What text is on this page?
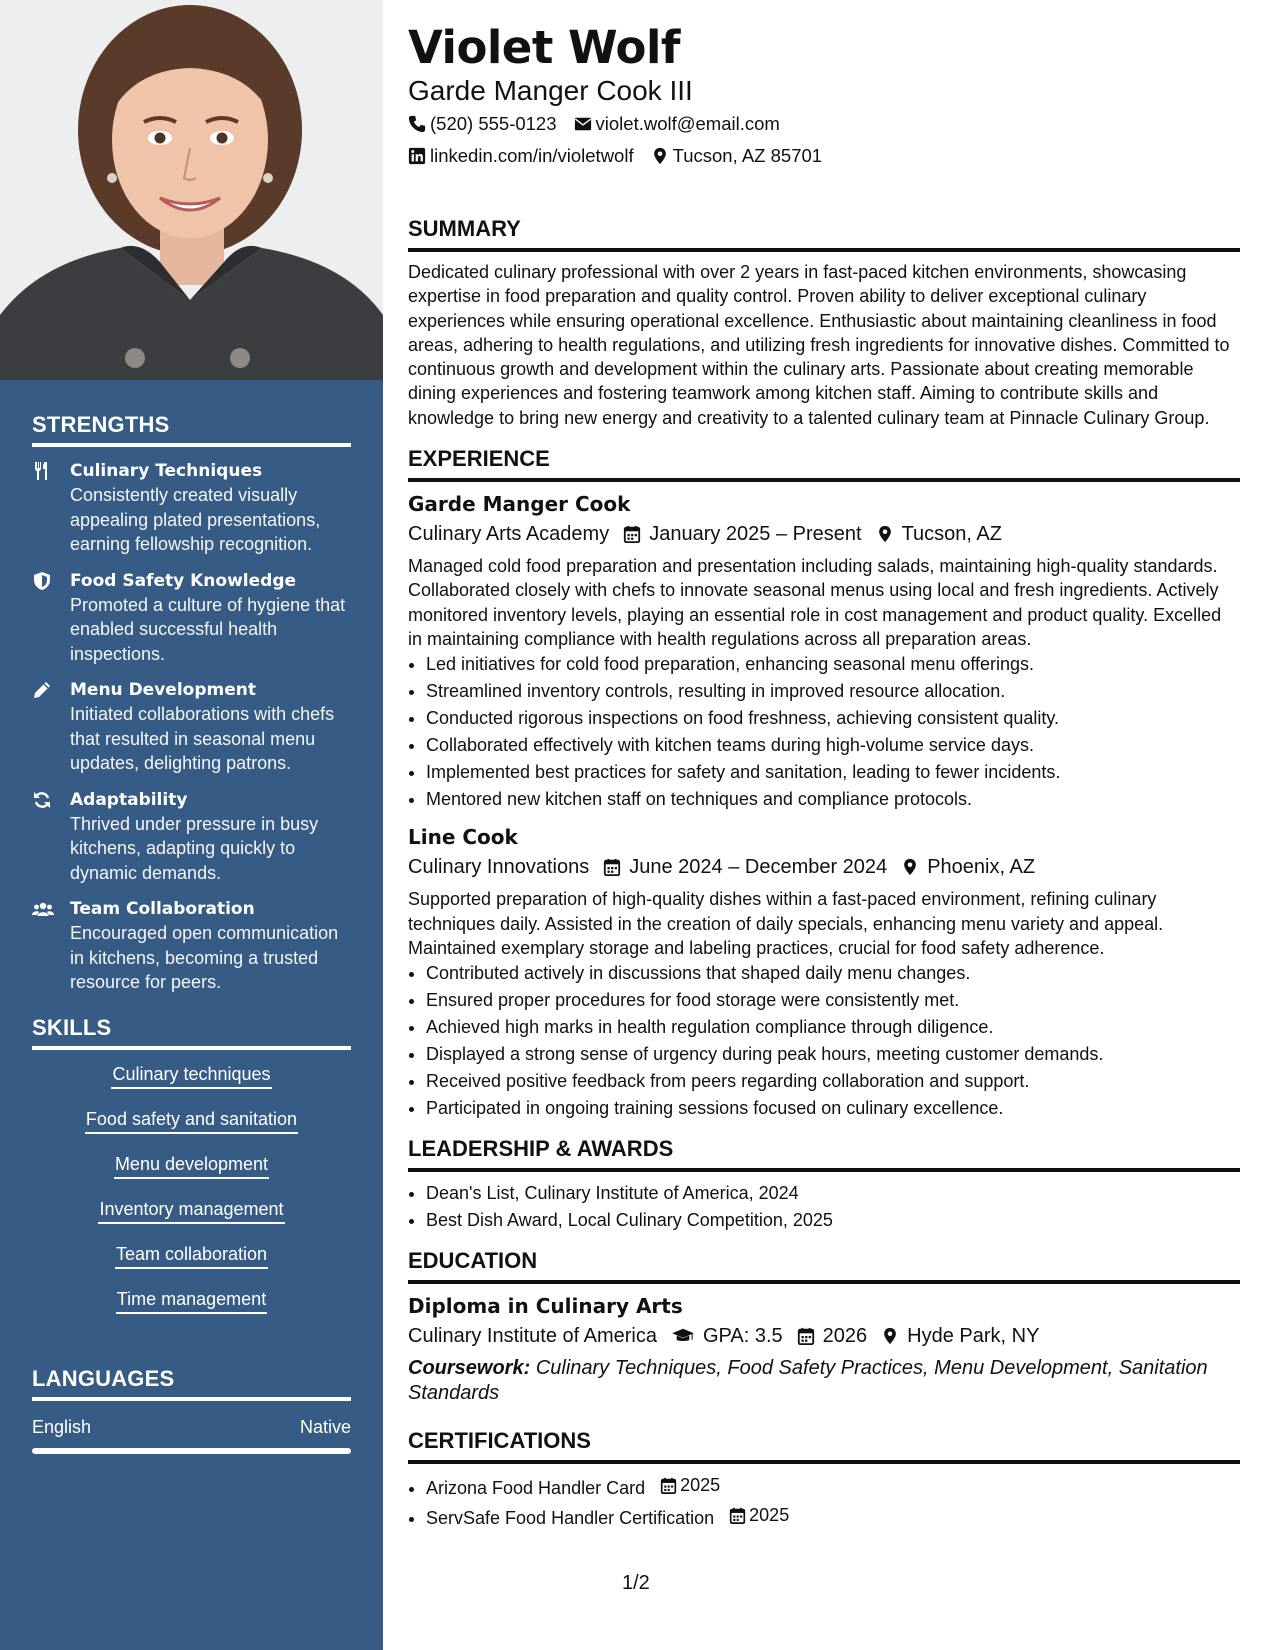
STRENGTHS
Culinary Techniques
Consistently created visually appealing plated presentations, earning fellowship recognition.
Food Safety Knowledge
Promoted a culture of hygiene that enabled successful health inspections.
Menu Development
Initiated collaborations with chefs that resulted in seasonal menu updates, delighting patrons.
Adaptability
Thrived under pressure in busy kitchens, adapting quickly to dynamic demands.
Team Collaboration
Encouraged open communication in kitchens, becoming a trusted resource for peers.
SKILLS
Culinary techniques
Food safety and sanitation
Menu development
Inventory management
Team collaboration
Time management
LANGUAGES
English	Native
Violet Wolf
Garde Manger Cook III
(520) 555-0123 violet.wolf@email.com
linkedin.com/in/violetwolf Tucson, AZ 85701
SUMMARY
Dedicated culinary professional with over 2 years in fast-paced kitchen environments, showcasing expertise in food preparation and quality control. Proven ability to deliver exceptional culinary experiences while ensuring operational excellence. Enthusiastic about maintaining cleanliness in food areas, adhering to health regulations, and utilizing fresh ingredients for innovative dishes. Committed to continuous growth and development within the culinary arts. Passionate about creating memorable dining experiences and fostering teamwork among kitchen staff. Aiming to contribute skills and knowledge to bring new energy and creativity to a talented culinary team at Pinnacle Culinary Group.
EXPERIENCE
Garde Manger Cook
Culinary Arts Academy January 2025 – Present Tucson, AZ
Managed cold food preparation and presentation including salads, maintaining high-quality standards. Collaborated closely with chefs to innovate seasonal menus using local and fresh ingredients. Actively monitored inventory levels, playing an essential role in cost management and product quality. Excelled in maintaining compliance with health regulations across all preparation areas.
• Led initiatives for cold food preparation, enhancing seasonal menu offerings.
• Streamlined inventory controls, resulting in improved resource allocation.
• Conducted rigorous inspections on food freshness, achieving consistent quality.
• Collaborated effectively with kitchen teams during high-volume service days.
• Implemented best practices for safety and sanitation, leading to fewer incidents.
• Mentored new kitchen staff on techniques and compliance protocols.
Line Cook
Culinary Innovations June 2024 – December 2024 Phoenix, AZ
Supported preparation of high-quality dishes within a fast-paced environment, refining culinary techniques daily. Assisted in the creation of daily specials, enhancing menu variety and appeal. Maintained exemplary storage and labeling practices, crucial for food safety adherence.
• Contributed actively in discussions that shaped daily menu changes.
• Ensured proper procedures for food storage were consistently met.
• Achieved high marks in health regulation compliance through diligence.
• Displayed a strong sense of urgency during peak hours, meeting customer demands.
• Received positive feedback from peers regarding collaboration and support.
• Participated in ongoing training sessions focused on culinary excellence.
LEADERSHIP & AWARDS
• Dean's List, Culinary Institute of America, 2024
• Best Dish Award, Local Culinary Competition, 2025
EDUCATION
Diploma in Culinary Arts
Culinary Institute of America GPA: 3.5 2026 Hyde Park, NY
Coursework: Culinary Techniques, Food Safety Practices, Menu Development, Sanitation Standards
CERTIFICATIONS
• Arizona Food Handler Card 2025
• ServSafe Food Handler Certification 2025
1/2
